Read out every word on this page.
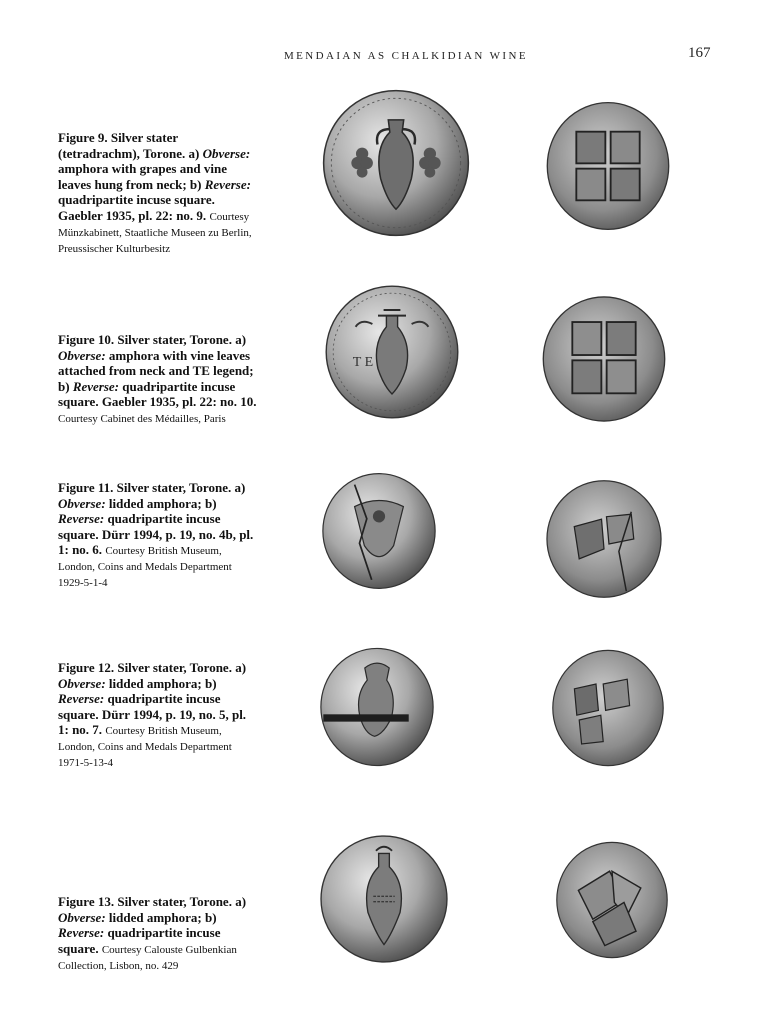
MENDAIAN AS CHALKIDIAN WINE	167
Figure 9. Silver stater (tetradrachm), Torone. a) Obverse: amphora with grapes and vine leaves hung from neck; b) Reverse: quadripartite incuse square. Gaebler 1935, pl. 22: no. 9. Courtesy Münzkabinett, Staatliche Museen zu Berlin, Preussischer Kulturbesitz
Figure 10. Silver stater, Torone. a) Obverse: amphora with vine leaves attached from neck and TE legend; b) Reverse: quadripartite incuse square. Gaebler 1935, pl. 22: no. 10. Courtesy Cabinet des Médailles, Paris
T E
Figure 11. Silver stater, Torone. a) Obverse: lidded amphora; b) Reverse: quadripartite incuse square. Dürr 1994, p. 19, no. 4b, pl. 1: no. 6. Courtesy British Museum, London, Coins and Medals Department 1929-5-1-4
Figure 12. Silver stater, Torone. a) Obverse: lidded amphora; b) Reverse: quadripartite incuse square. Dürr 1994, p. 19, no. 5, pl. 1: no. 7. Courtesy British Museum, London, Coins and Medals Department 1971-5-13-4
Figure 13. Silver stater, Torone. a) Obverse: lidded amphora; b) Reverse: quadripartite incuse square. Courtesy Calouste Gulbenkian Collection, Lisbon, no. 429
